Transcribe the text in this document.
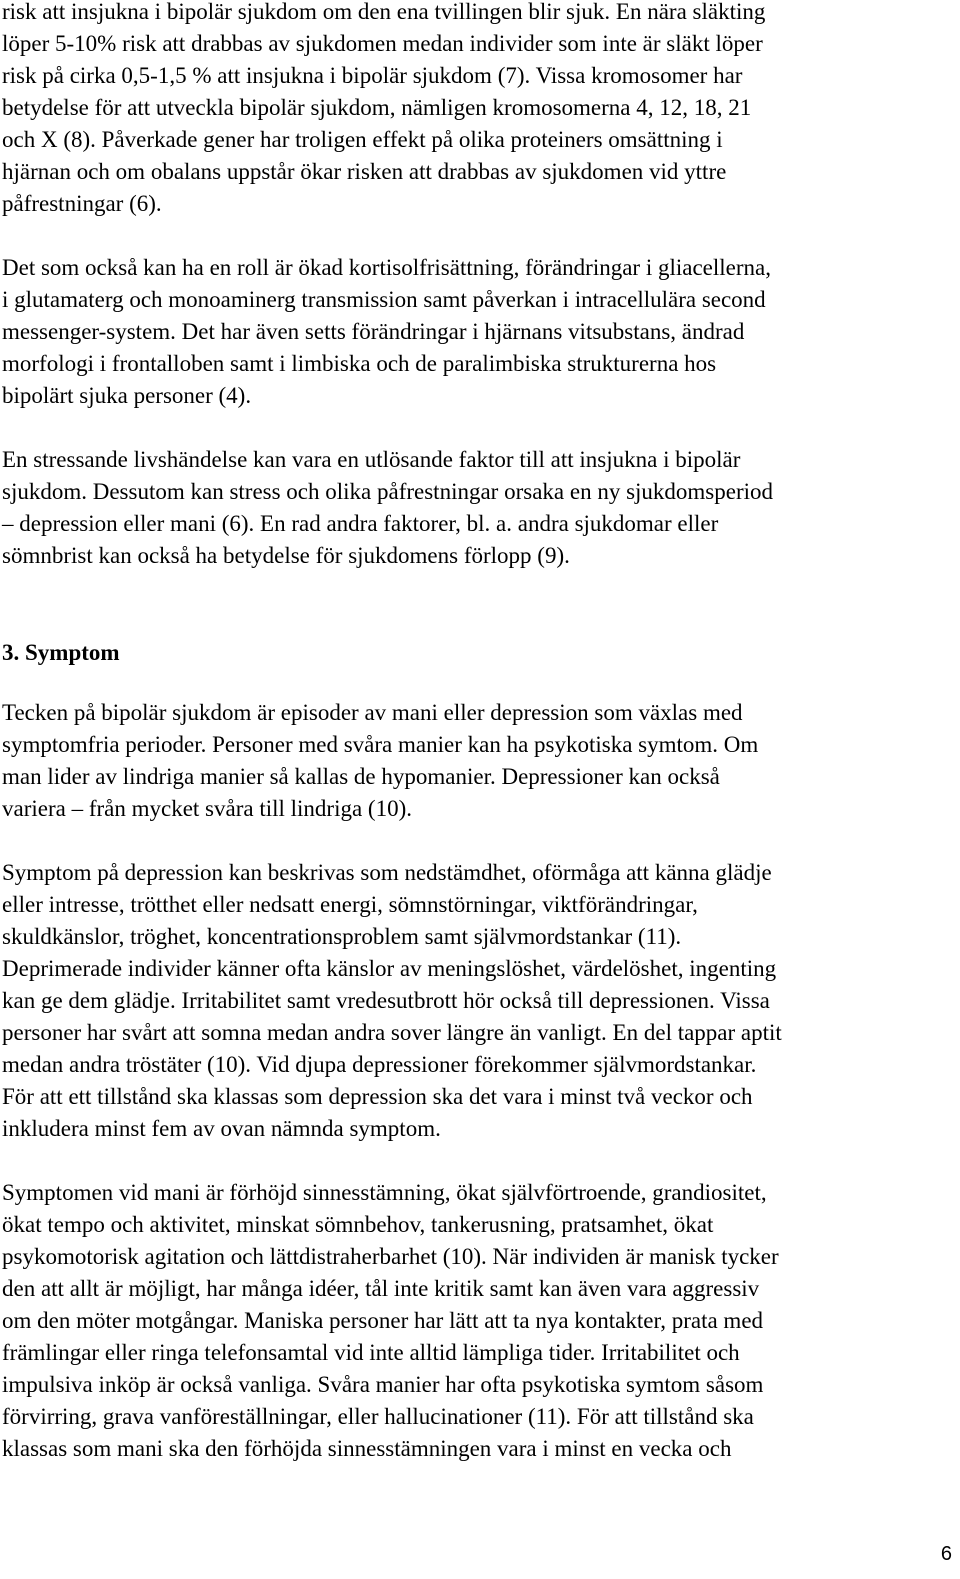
risk att insjukna i bipolär sjukdom om den ena tvillingen blir sjuk. En nära släkting
löper 5-10% risk att drabbas av sjukdomen medan individer som inte är släkt löper
risk på cirka 0,5-1,5 % att insjukna i bipolär sjukdom (7). Vissa kromosomer har
betydelse för att utveckla bipolär sjukdom, nämligen kromosomerna 4, 12, 18, 21
och X (8). Påverkade gener har troligen effekt på olika proteiners omsättning i
hjärnan och om obalans uppstår ökar risken att drabbas av sjukdomen vid yttre
påfrestningar (6).
Det som också kan ha en roll är ökad kortisolfrisättning, förändringar i gliacellerna,
i glutamaterg och monoaminerg transmission samt påverkan i intracellulära second
messenger-system. Det har även setts förändringar i hjärnans vitsubstans, ändrad
morfologi i frontalloben samt i limbiska och de paralimbiska strukturerna hos
bipolärt sjuka personer (4).
En stressande livshändelse kan vara en utlösande faktor till att insjukna i bipolär
sjukdom. Dessutom kan stress och olika påfrestningar orsaka en ny sjukdomsperiod
– depression eller mani (6). En rad andra faktorer, bl. a. andra sjukdomar eller
sömnbrist kan också ha betydelse för sjukdomens förlopp (9).
3. Symptom
Tecken på bipolär sjukdom är episoder av mani eller depression som växlas med
symptomfria perioder. Personer med svåra manier kan ha psykotiska symtom. Om
man lider av lindriga manier så kallas de hypomanier. Depressioner kan också
variera – från mycket svåra till lindriga (10).
Symptom på depression kan beskrivas som nedstämdhet, oförmåga att känna glädje
eller intresse, trötthet eller nedsatt energi, sömnstörningar, viktförändringar,
skuldkänslor, tröghet, koncentrationsproblem samt självmordstankar (11).
Deprimerade individer känner ofta känslor av meningslöshet, värdelöshet, ingenting
kan ge dem glädje. Irritabilitet samt vredesutbrott hör också till depressionen. Vissa
personer har svårt att somna medan andra sover längre än vanligt. En del tappar aptit
medan andra tröstäter (10). Vid djupa depressioner förekommer självmordstankar.
För att ett tillstånd ska klassas som depression ska det vara i minst två veckor och
inkludera minst fem av ovan nämnda symptom.
Symptomen vid mani är förhöjd sinnesstämning, ökat självförtroende, grandiositet,
ökat tempo och aktivitet, minskat sömnbehov, tankerusning, pratsamhet, ökat
psykomotorisk agitation och lättdistraherbarhet (10). När individen är manisk tycker
den att allt är möjligt, har många idéer, tål inte kritik samt kan även vara aggressiv
om den möter motgångar. Maniska personer har lätt att ta nya kontakter, prata med
främlingar eller ringa telefonsamtal vid inte alltid lämpliga tider. Irritabilitet och
impulsiva inköp är också vanliga. Svåra manier har ofta psykotiska symtom såsom
förvirring, grava vanföreställningar, eller hallucinationer (11). För att tillstånd ska
klassas som mani ska den förhöjda sinnesstämningen vara i minst en vecka och
6
